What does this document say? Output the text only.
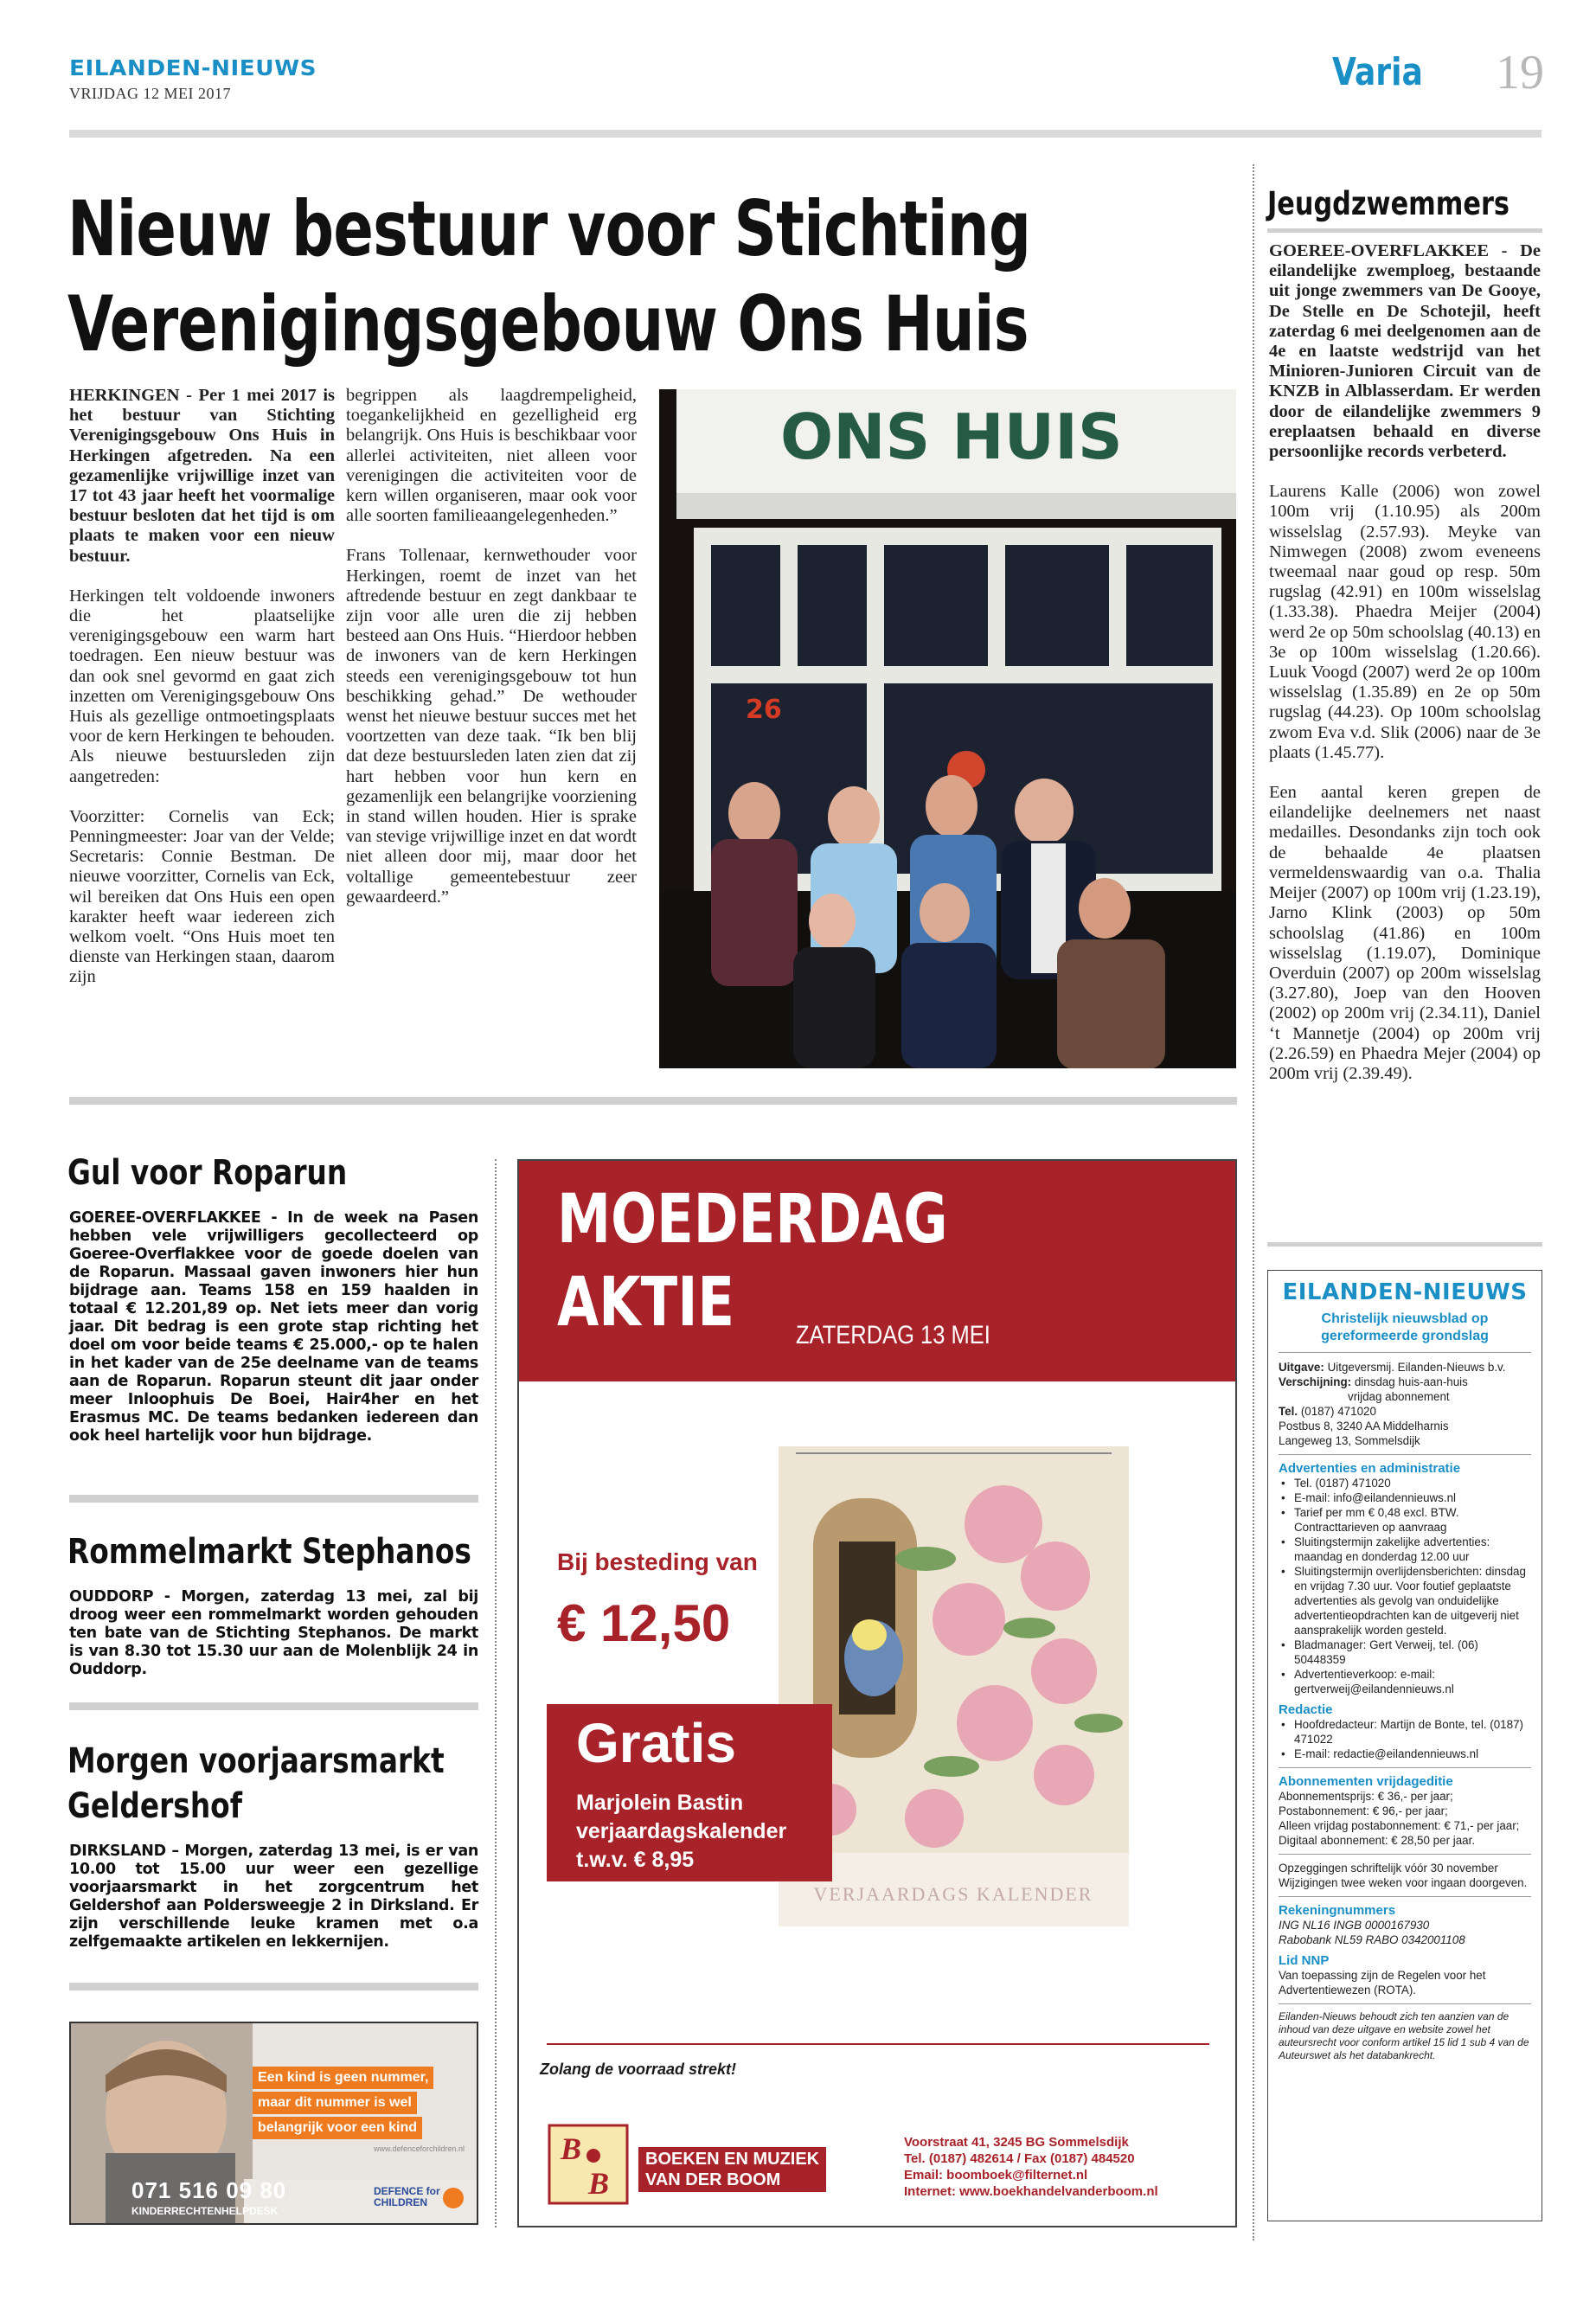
EILANDEN-NIEUWS
VRIJDAG 12 MEI 2017	Varia 19
Nieuw bestuur voor Stichting
Verenigingsgebouw Ons Huis

HERKINGEN - Per 1 mei 2017 is het bestuur van Stichting Verenigingsgebouw Ons Huis in Herkingen afgetreden. Na een gezamenlijke vrijwillige inzet van 17 tot 43 jaar heeft het voormalige bestuur besloten dat het tijd is om plaats te maken voor een nieuw bestuur.

Herkingen telt voldoende inwoners die het plaatselijke verenigingsgebouw een warm hart toedragen. Een nieuw bestuur was dan ook snel gevormd en gaat zich inzetten om Verenigingsgebouw Ons Huis als gezellige ontmoetingsplaats voor de kern Herkingen te behouden. Als nieuwe bestuursleden zijn aangetreden:

Voorzitter: Cornelis van Eck; Penningmeester: Joar van der Velde; Secretaris: Connie Bestman. De nieuwe voorzitter, Cornelis van Eck, wil bereiken dat Ons Huis een open karakter heeft waar iedereen zich welkom voelt. “Ons Huis moet ten dienste van Herkingen staan, daarom zijn

begrippen als laagdrempeligheid, toegankelijkheid en gezelligheid erg belangrijk. Ons Huis is beschikbaar voor allerlei activiteiten, niet alleen voor verenigingen die activiteiten voor de kern willen organiseren, maar ook voor alle soorten familieaangelegenheden.”

Frans Tollenaar, kernwethouder voor Herkingen, roemt de inzet van het aftredende bestuur en zegt dankbaar te zijn voor alle uren die zij hebben besteed aan Ons Huis. “Hierdoor hebben de inwoners van de kern Herkingen steeds een verenigingsgebouw tot hun beschikking gehad.” De wethouder wenst het nieuwe bestuur succes met het voortzetten van deze taak. “Ik ben blij dat deze bestuursleden laten zien dat zij hart hebben voor hun kern en gezamenlijk een belangrijke voorziening in stand willen houden. Hier is sprake van stevige vrijwillige inzet en dat wordt niet alleen door mij, maar door het voltallige gemeentebestuur zeer gewaardeerd.”

ONS HUIS
26
Jeugdzwemmers

GOEREE-OVERFLAKKEE - De eilandelijke zwemploeg, bestaande uit jonge zwemmers van De Gooye, De Stelle en De Schotejil, heeft zaterdag 6 mei deelgenomen aan de 4e en laatste wedstrijd van het Minioren-Junioren Circuit van de KNZB in Alblasserdam. Er werden door de eilandelijke zwemmers 9 ereplaatsen behaald en diverse persoonlijke records verbeterd.

Laurens Kalle (2006) won zowel 100m vrij (1.10.95) als 200m wisselslag (2.57.93). Meyke van Nimwegen (2008) zwom eveneens tweemaal naar goud op resp. 50m rugslag (42.91) en 100m wisselslag (1.33.38). Phaedra Meijer (2004) werd 2e op 50m schoolslag (40.13) en 3e op 100m wisselslag (1.20.66). Luuk Voogd (2007) werd 2e op 100m wisselslag (1.35.89) en 2e op 50m rugslag (44.23). Op 100m schoolslag zwom Eva v.d. Slik (2006) naar de 3e plaats (1.45.77).

Een aantal keren grepen de eilandelijke deelnemers net naast medailles. Desondanks zijn toch ook de behaalde 4e plaatsen vermeldenswaardig van o.a. Thalia Meijer (2007) op 100m vrij (1.23.19), Jarno Klink (2003) op 50m schoolslag (41.86) en 100m wisselslag (1.19.07), Dominique Overduin (2007) op 200m wisselslag (3.27.80), Joep van den Hooven (2002) op 200m vrij (2.34.11), Daniel ‘t Mannetje (2004) op 200m vrij (2.26.59) en Phaedra Mejer (2004) op 200m vrij (2.39.49).

EILANDEN-NIEUWS
Christelijk nieuwsblad op
gereformeerde grondslag
Uitgave: Uitgeversmij. Eilanden-Nieuws b.v.
Verschijning: dinsdag huis-aan-huis
vrijdag abonnement
Tel. (0187) 471020
Postbus 8, 3240 AA Middelharnis
Langeweg 13, Sommelsdijk
Advertenties en administratie
• Tel. (0187) 471020
• E-mail: info@eilandennieuws.nl
• Tarief per mm € 0,48 excl. BTW. Contracttarieven op aanvraag
• Sluitingstermijn zakelijke advertenties: maandag en donderdag 12.00 uur
• Sluitingstermijn overlijdensberichten: dinsdag en vrijdag 7.30 uur. Voor foutief geplaatste advertenties als gevolg van onduidelijke advertentieopdrachten kan de uitgeverij niet aansprakelijk worden gesteld.
• Bladmanager: Gert Verweij, tel. (06) 50448359
• Advertentieverkoop: e-mail: gertverweij@eilandennieuws.nl
Redactie
• Hoofdredacteur: Martijn de Bonte, tel. (0187) 471022
• E-mail: redactie@eilandennieuws.nl
Abonnementen vrijdageditie
Abonnementsprijs: € 36,- per jaar;
Postabonnement: € 96,- per jaar;
Alleen vrijdag postabonnement: € 71,- per jaar;
Digitaal abonnement: € 28,50 per jaar.
Opzeggingen schriftelijk vóór 30 november
Wijzigingen twee weken voor ingaan doorgeven.
Rekeningnummers
ING NL16 INGB 0000167930
Rabobank NL59 RABO 0342001108
Lid NNP
Van toepassing zijn de Regelen voor het Advertentiewezen (ROTA).
Eilanden-Nieuws behoudt zich ten aanzien van de inhoud van deze uitgave en website zowel het auteursrecht voor conform artikel 15 lid 1 sub 4 van de Auteurswet als het databankrecht.
Gul voor Roparun
GOEREE-OVERFLAKKEE - In de week na Pasen hebben vele vrijwilligers gecollecteerd op Goeree-Overflakkee voor de goede doelen van de Roparun. Massaal gaven inwoners hier hun bijdrage aan. Teams 158 en 159 haalden in totaal € 12.201,89 op. Net iets meer dan vorig jaar. Dit bedrag is een grote stap richting het doel om voor beide teams € 25.000,- op te halen in het kader van de 25e deelname van de teams aan de Roparun. Roparun steunt dit jaar onder meer Inloophuis De Boei, Hair4her en het Erasmus MC. De teams bedanken iedereen dan ook heel hartelijk voor hun bijdrage.
Rommelmarkt Stephanos
OUDDORP - Morgen, zaterdag 13 mei, zal bij droog weer een rommelmarkt worden gehouden ten bate van de Stichting Stephanos. De markt is van 8.30 tot 15.30 uur aan de Molenblijk 24 in Ouddorp.
Morgen voorjaarsmarkt
Geldershof
DIRKSLAND – Morgen, zaterdag 13 mei, is er van 10.00 tot 15.00 uur weer een gezellige voorjaarsmarkt in het zorgcentrum het Geldershof aan Poldersweegje 2 in Dirksland. Er zijn verschillende leuke kramen met o.a zelfgemaakte artikelen en lekkernijen.
Een kind is geen nummer,
maar dit nummer is wel
belangrijk voor een kind
www.defenceforchildren.nl
071 516 09 80
KINDERRECHTENHELPDESK
DEFENCE for
CHILDREN
MOEDERDAG
AKTIE	ZATERDAG 13 MEI
Bij besteding van
€ 12,50
VERJAARDAGS KALENDER
Gratis
Marjolein Bastin
verjaardagskalender
t.w.v. € 8,95
Zolang de voorraad strekt!
B
B
BOEKEN EN MUZIEK
VAN DER BOOM
Voorstraat 41, 3245 BG Sommelsdijk
Tel. (0187) 482614 / Fax (0187) 484520
Email: boomboek@filternet.nl
Internet: www.boekhandelvanderboom.nl
